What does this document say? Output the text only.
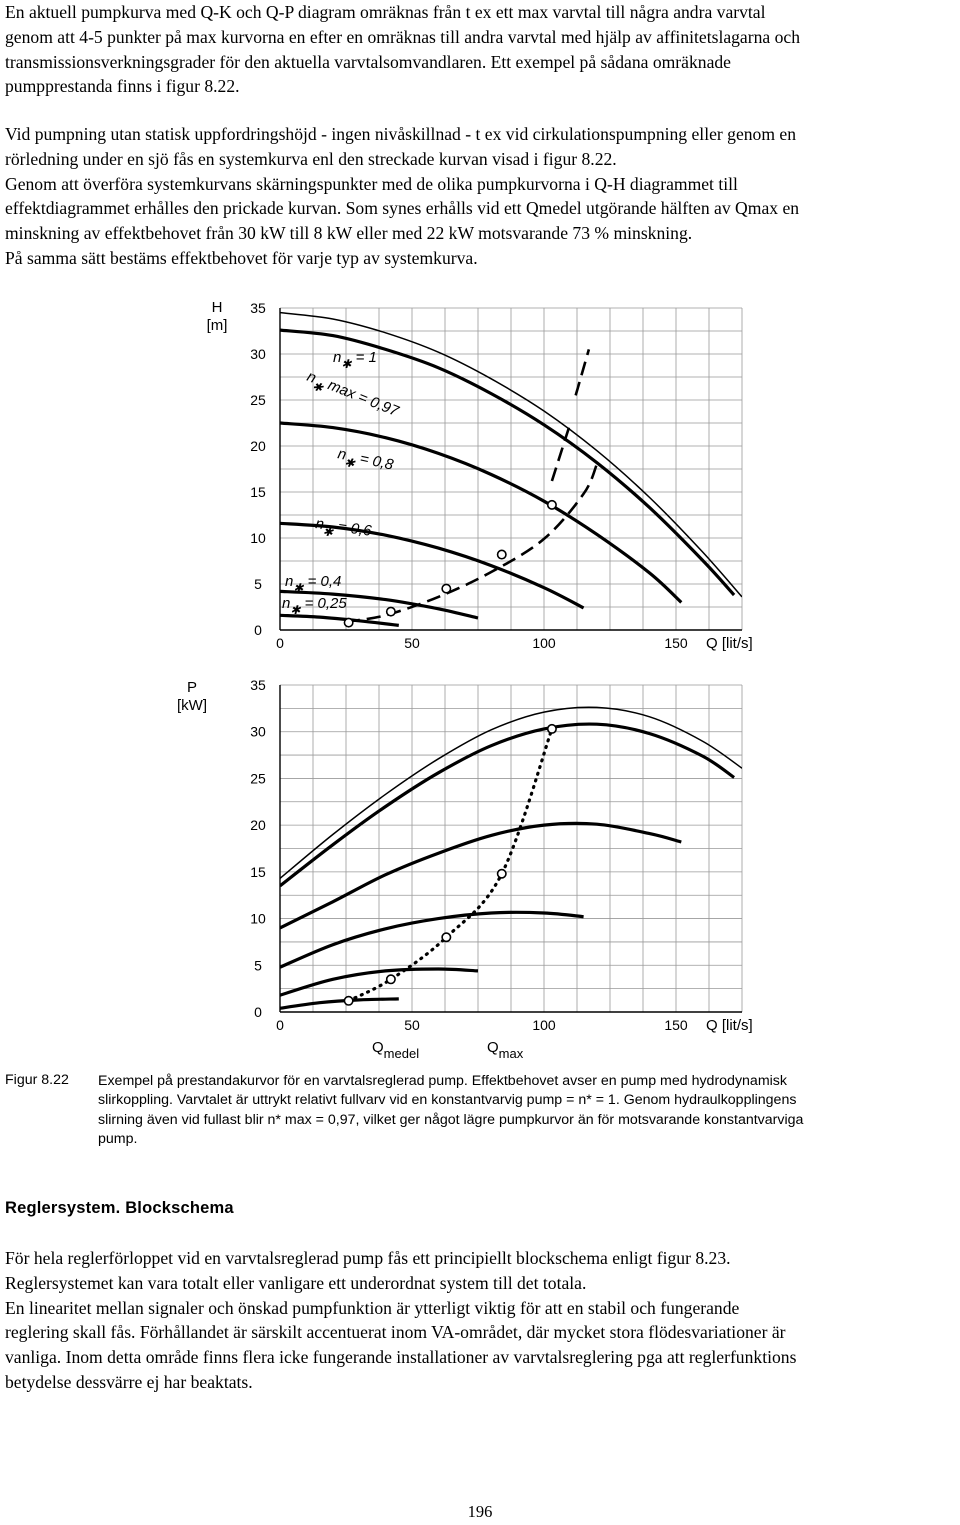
En aktuell pumpkurva med Q-K och Q-P diagram omräknas från t ex ett max varvtal till några andra varvtal
genom att 4-5 punkter på max kurvorna en efter en omräknas till andra varvtal med hjälp av affinitetslagarna och
transmissionsverkningsgrader för den aktuella varvtalsomvandlaren. Ett exempel på sådana omräknade
pumpprestanda finns i figur 8.22.

Vid pumpning utan statisk uppfordringshöjd - ingen nivåskillnad - t ex vid cirkulationspumpning eller genom en
rörledning under en sjö fås en systemkurva enl den streckade kurvan visad i figur 8.22.
Genom att överföra systemkurvans skärningspunkter med de olika pumpkurvorna i Q-H diagrammet till
effektdiagrammet erhålles den prickade kurvan. Som synes erhålls vid ett Qmedel utgörande hälften av Qmax en
minskning av effektbehovet från 30 kW till 8 kW eller med 22 kW motsvarande 73 % minskning.
På samma sätt bestäms effektbehovet för varje typ av systemkurva.

0
5
10
15
20
25
30
35
0	50	100	150
H
[m]
Q [lit/s]
$n_✱ = 1$
$n_✱$ max = 0,97
$n_✱ = 0,8$
$n_✱ = 0,6$
$n_✱ = 0,4$
$n_✱ = 0,25$
0
5
10
15
20
25
30
35
0	50	100	150
P
[kW]
Q [lit/s]
Qmedel	Qmax
Figur 8.22 Exempel på prestandakurvor för en varvtalsreglerad pump. Effektbehovet avser en pump med hydrodynamisk
slirkoppling. Varvtalet är uttrykt relativt fullvarv vid en konstantvarvig pump = n* = 1. Genom hydraulkopplingens
slirning även vid fullast blir n* max = 0,97, vilket ger något lägre pumpkurvor än för motsvarande konstantvarviga
pump.
Reglersystem. Blockschema

För hela reglerförloppet vid en varvtalsreglerad pump fås ett principiellt blockschema enligt figur 8.23.
Reglersystemet kan vara totalt eller vanligare ett underordnat system till det totala.
En linearitet mellan signaler och önskad pumpfunktion är ytterligt viktig för att en stabil och fungerande
reglering skall fås. Förhållandet är särskilt accentuerat inom VA-området, där mycket stora flödesvariationer är
vanliga. Inom detta område finns flera icke fungerande installationer av varvtalsreglering pga att reglerfunktions
betydelse dessvärre ej har beaktats.

196
